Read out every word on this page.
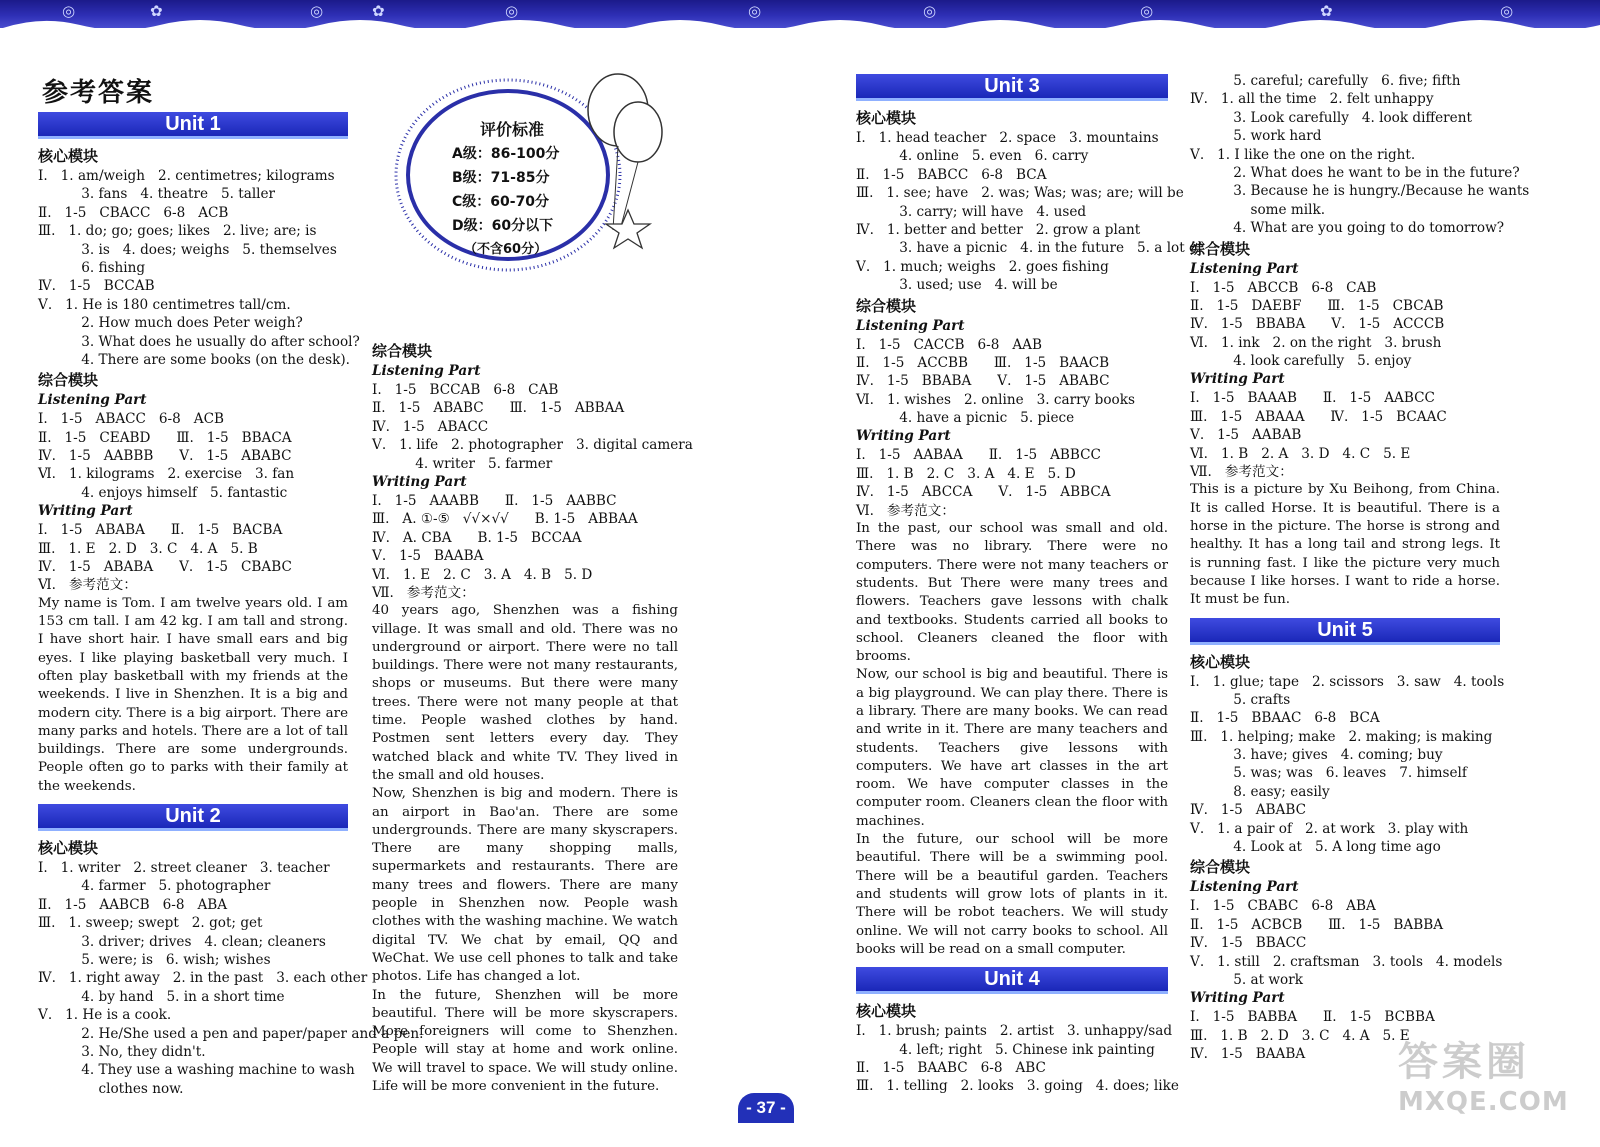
◎	✿	◎	✿	◎	◎	◎	◎	✿	◎
参考答案
评价标准
A级：86-100分
B级：71-85分
C级：60-70分
D级：60分以下
（不含60分）
Unit 1
核心模块
Ⅰ.   1. am/weigh   2. centimetres; kilograms
3. fans   4. theatre   5. taller
Ⅱ.   1-5   CBACC   6-8   ACB
Ⅲ.   1. do; go; goes; likes   2. live; are; is
3. is   4. does; weighs   5. themselves
6. fishing
Ⅳ.   1-5   BCCAB
Ⅴ.   1. He is 180 centimetres tall/cm.
2. How much does Peter weigh?
3. What does he usually do after school?
4. There are some books (on the desk).
综合模块
Listening Part
Ⅰ.   1-5   ABACC   6-8   ACB
Ⅱ.   1-5   CEABD      Ⅲ.   1-5   BBACA
Ⅳ.   1-5   AABBB      Ⅴ.   1-5   ABABC
Ⅵ.   1. kilograms   2. exercise   3. fan
4. enjoys himself   5. fantastic
Writing Part
Ⅰ.   1-5   ABABA      Ⅱ.   1-5   BACBA
Ⅲ.   1. E   2. D   3. C   4. A   5. B
Ⅳ.   1-5   ABABA      Ⅴ.   1-5   CBABC
Ⅵ.   参考范文：
My name is Tom. I am twelve years old. I am 153 cm tall. I am 42 kg. I am tall and strong. I have short hair. I have small ears and big eyes. I like playing basketball very much. I often play basketball with my friends at the weekends. I live in Shenzhen. It is a big and modern city. There is a big airport. There are many parks and hotels. There are a lot of tall buildings. There are some undergrounds. People often go to parks with their family at the weekends.
Unit 2
核心模块
Ⅰ.   1. writer   2. street cleaner   3. teacher
4. farmer   5. photographer
Ⅱ.   1-5   AABCB   6-8   ABA
Ⅲ.   1. sweep; swept   2. got; get
3. driver; drives   4. clean; cleaners
5. were; is   6. wish; wishes
Ⅳ.   1. right away   2. in the past   3. each other
4. by hand   5. in a short time
Ⅴ.   1. He is a cook.
2. He/She used a pen and paper/paper and a pen.
3. No, they didn't.
4. They use a washing machine to wash
clothes now.
综合模块
Listening Part
Ⅰ.   1-5   BCCAB   6-8   CAB
Ⅱ.   1-5   ABABC      Ⅲ.   1-5   ABBAA
Ⅳ.   1-5   ABACC
Ⅴ.   1. life   2. photographer   3. digital camera
4. writer   5. farmer
Writing Part
Ⅰ.   1-5   AAABB      Ⅱ.   1-5   AABBC
Ⅲ.   A. ①-⑤   √√×√√      B. 1-5   ABBAA
Ⅳ.   A. CBA      B. 1-5   BCCAA
Ⅴ.   1-5   BAABA
Ⅵ.   1. E   2. C   3. A   4. B   5. D
Ⅶ.   参考范文：
40 years ago, Shenzhen was a fishing village. It was small and old. There was no underground or airport. There were no tall buildings. There were not many restaurants, shops or museums. But there were many trees. There were not many people at that time. People washed clothes by hand. Postmen sent letters every day. They watched black and white TV. They lived in the small and old houses.
Now, Shenzhen is big and modern. There is an airport in Bao'an. There are some undergrounds. There are many skyscrapers. There are many shopping malls, supermarkets and restaurants. There are many trees and flowers. There are many people in Shenzhen now. People wash clothes with the washing machine. We watch digital TV. We chat by email, QQ and WeChat. We use cell phones to talk and take photos. Life has changed a lot.
In the future, Shenzhen will be more beautiful. There will be more skyscrapers. More foreigners will come to Shenzhen. People will stay at home and work online. We will travel to space. We will study online. Life will be more convenient in the future.
Unit 3
核心模块
Ⅰ.   1. head teacher   2. space   3. mountains
4. online   5. even   6. carry
Ⅱ.   1-5   BABCC   6-8   BCA
Ⅲ.   1. see; have   2. was; Was; was; are; will be
3. carry; will have   4. used
Ⅳ.   1. better and better   2. grow a plant
3. have a picnic   4. in the future   5. a lot of
Ⅴ.   1. much; weighs   2. goes fishing
3. used; use   4. will be
综合模块
Listening Part
Ⅰ.   1-5   CACCB   6-8   AAB
Ⅱ.   1-5   ACCBB      Ⅲ.   1-5   BAACB
Ⅳ.   1-5   BBABA      Ⅴ.   1-5   ABABC
Ⅵ.   1. wishes   2. online   3. carry books
4. have a picnic   5. piece
Writing Part
Ⅰ.   1-5   AABAA      Ⅱ.   1-5   ABBCC
Ⅲ.   1. B   2. C   3. A   4. E   5. D
Ⅳ.   1-5   ABCCA      Ⅴ.   1-5   ABBCA
Ⅵ.   参考范文：
In the past, our school was small and old. There was no library. There were no computers. There were not many teachers or students. But There were many trees and flowers. Teachers gave lessons with chalk and textbooks. Students carried all books to school. Cleaners cleaned the floor with brooms.
Now, our school is big and beautiful. There is a big playground. We can play there. There is a library. There are many books. We can read and write in it. There are many teachers and students. Teachers give lessons with computers. We have art classes in the art room. We have computer classes in the computer room. Cleaners clean the floor with machines.
In the future, our school will be more beautiful. There will be a swimming pool. There will be a beautiful garden. Teachers and students will grow lots of plants in it. There will be robot teachers. We will study online. We will not carry books to school. All books will be read on a small computer.
Unit 4
核心模块
Ⅰ.   1. brush; paints   2. artist   3. unhappy/sad
4. left; right   5. Chinese ink painting
Ⅱ.   1-5   BAABC   6-8   ABC
Ⅲ.   1. telling   2. looks   3. going   4. does; like
5. careful; carefully   6. five; fifth
Ⅳ.   1. all the time   2. felt unhappy
3. Look carefully   4. look different
5. work hard
Ⅴ.   1. I like the one on the right.
2. What does he want to be in the future?
3. Because he is hungry./Because he wants
some milk.
4. What are you going to do tomorrow?
综合模块
Listening Part
Ⅰ.   1-5   ABCCB   6-8   CAB
Ⅱ.   1-5   DAEBF      Ⅲ.   1-5   CBCAB
Ⅳ.   1-5   BBABA      Ⅴ.   1-5   ACCCB
Ⅵ.   1. ink   2. on the right   3. brush
4. look carefully   5. enjoy
Writing Part
Ⅰ.   1-5   BAAAB      Ⅱ.   1-5   AABCC
Ⅲ.   1-5   ABAAA      Ⅳ.   1-5   BCAAC
Ⅴ.   1-5   AABAB
Ⅵ.   1. B   2. A   3. D   4. C   5. E
Ⅶ.   参考范文：
This is a picture by Xu Beihong, from China. It is called Horse. It is beautiful. There is a horse in the picture. The horse is strong and healthy. It has a long tail and strong legs. It is running fast. I like the picture very much because I like horses. I want to ride a horse. It must be fun.
Unit 5
核心模块
Ⅰ.   1. glue; tape   2. scissors   3. saw   4. tools
5. crafts
Ⅱ.   1-5   BBAAC   6-8   BCA
Ⅲ.   1. helping; make   2. making; is making
3. have; gives   4. coming; buy
5. was; was   6. leaves   7. himself
8. easy; easily
Ⅳ.   1-5   ABABC
Ⅴ.   1. a pair of   2. at work   3. play with
4. Look at   5. A long time ago
综合模块
Listening Part
Ⅰ.   1-5   CBABC   6-8   ABA
Ⅱ.   1-5   ACBCB      Ⅲ.   1-5   BABBA
Ⅳ.   1-5   BBACC
Ⅴ.   1. still   2. craftsman   3. tools   4. models
5. at work
Writing Part
Ⅰ.   1-5   BABBA      Ⅱ.   1-5   BCBBA
Ⅲ.   1. B   2. D   3. C   4. A   5. E
Ⅳ.   1-5   BAABA
- 37 -
答案圈
MXQE.COM
